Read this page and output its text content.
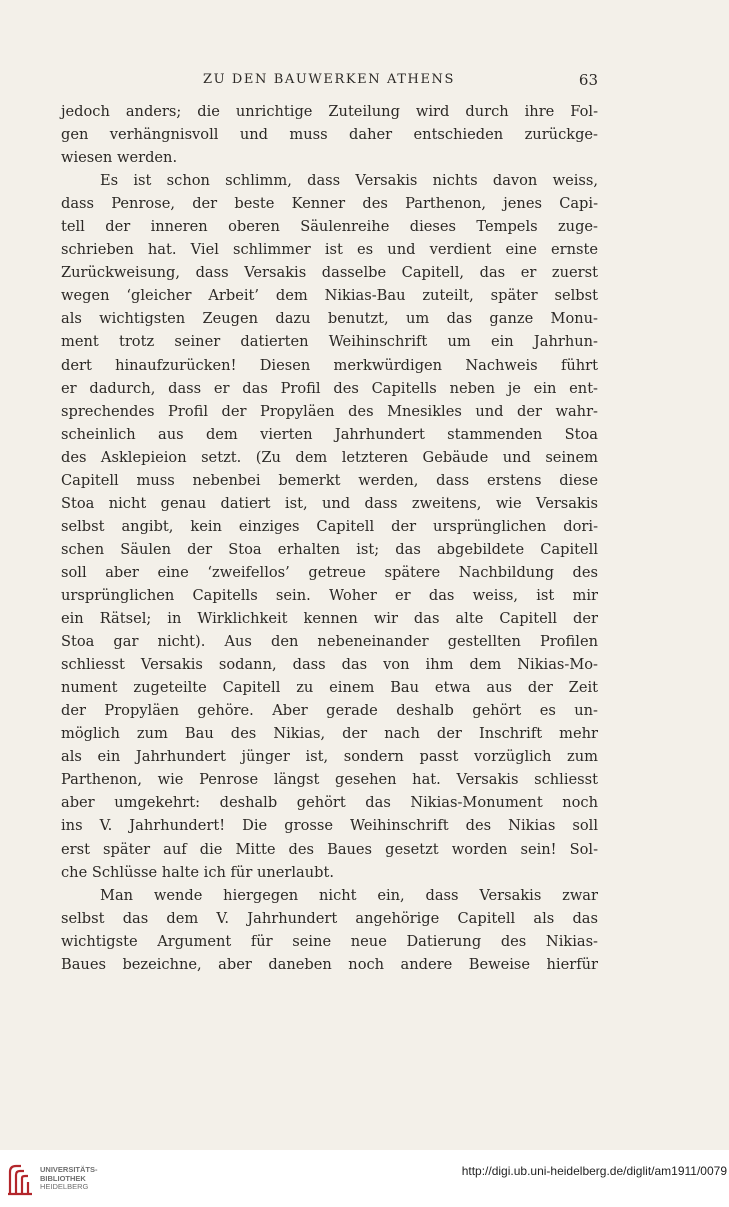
ZU DEN BAUWERKEN ATHENS	63
jedoch anders; die unrichtige Zuteilung wird durch ihre Fol-
gen verhängnisvoll und muss daher entschieden zurückge-
wiesen werden.
Es ist schon schlimm, dass Versakis nichts davon weiss,
dass Penrose, der beste Kenner des Parthenon, jenes Capi-
tell der inneren oberen Säulenreihe dieses Tempels zuge-
schrieben hat. Viel schlimmer ist es und verdient eine ernste
Zurückweisung, dass Versakis dasselbe Capitell, das er zuerst
wegen ‘gleicher Arbeit’ dem Nikias-Bau zuteilt, später selbst
als wichtigsten Zeugen dazu benutzt, um das ganze Monu-
ment trotz seiner datierten Weihinschrift um ein Jahrhun-
dert hinaufzurücken! Diesen merkwürdigen Nachweis führt
er dadurch, dass er das Profil des Capitells neben je ein ent-
sprechendes Profil der Propyläen des Mnesikles und der wahr-
scheinlich aus dem vierten Jahrhundert stammenden Stoa
des Asklepieion setzt. (Zu dem letzteren Gebäude und seinem
Capitell muss nebenbei bemerkt werden, dass erstens diese
Stoa nicht genau datiert ist, und dass zweitens, wie Versakis
selbst angibt, kein einziges Capitell der ursprünglichen dori-
schen Säulen der Stoa erhalten ist; das abgebildete Capitell
soll aber eine ‘zweifellos’ getreue spätere Nachbildung des
ursprünglichen Capitells sein. Woher er das weiss, ist mir
ein Rätsel; in Wirklichkeit kennen wir das alte Capitell der
Stoa gar nicht). Aus den nebeneinander gestellten Profilen
schliesst Versakis sodann, dass das von ihm dem Nikias-Mo-
nument zugeteilte Capitell zu einem Bau etwa aus der Zeit
der Propyläen gehöre. Aber gerade deshalb gehört es un-
möglich zum Bau des Nikias, der nach der Inschrift mehr
als ein Jahrhundert jünger ist, sondern passt vorzüglich zum
Parthenon, wie Penrose längst gesehen hat. Versakis schliesst
aber umgekehrt: deshalb gehört das Nikias-Monument noch
ins V. Jahrhundert! Die grosse Weihinschrift des Nikias soll
erst später auf die Mitte des Baues gesetzt worden sein! Sol-
che Schlüsse halte ich für unerlaubt.
Man wende hiergegen nicht ein, dass Versakis zwar
selbst das dem V. Jahrhundert angehörige Capitell als das
wichtigste Argument für seine neue Datierung des Nikias-
Baues bezeichne, aber daneben noch andere Beweise hierfür
UNIVERSITÄTS-
BIBLIOTHEK
HEIDELBERG
http://digi.ub.uni-heidelberg.de/diglit/am1911/0079
